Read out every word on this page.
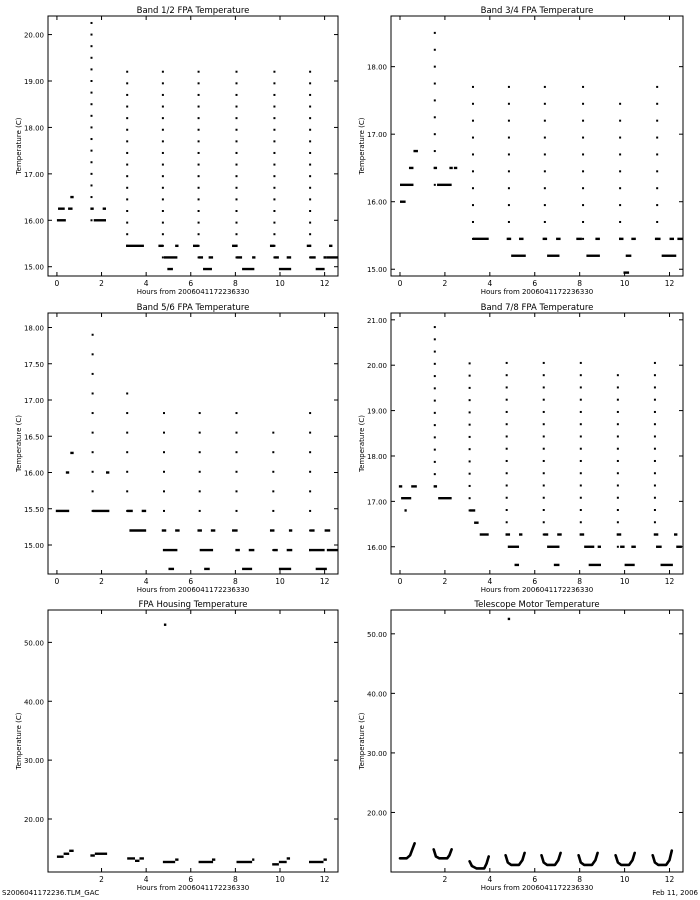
Band 1/2 FPA Temperature
Hours from 2006041172236330
Temperature (C)
0	2	4	6	8	10	12
15.00
16.00
17.00
18.00
19.00
20.00
Band 3/4 FPA Temperature
Hours from 2006041172236330
Temperature (C)
0	2	4	6	8	10	12
15.00
16.00
17.00
18.00
Band 5/6 FPA Temperature
Hours from 2006041172236330
Temperature (C)
0	2	4	6	8	10	12
15.00
15.50
16.00
16.50
17.00
17.50
18.00
Band 7/8 FPA Temperature
Hours from 2006041172236330
Temperature (C)
0	2	4	6	8	10	12
16.00
17.00
18.00
19.00
20.00
21.00
FPA Housing Temperature
Hours from 2006041172236330
Temperature (C)
2	4	6	8	10	12
20.00
30.00
40.00
50.00
Telescope Motor Temperature
Hours from 2006041172236330
Temperature (C)
2	4	6	8	10	12
20.00
30.00
40.00
50.00
S2006041172236.TLM_GAC	Feb 11, 2006
